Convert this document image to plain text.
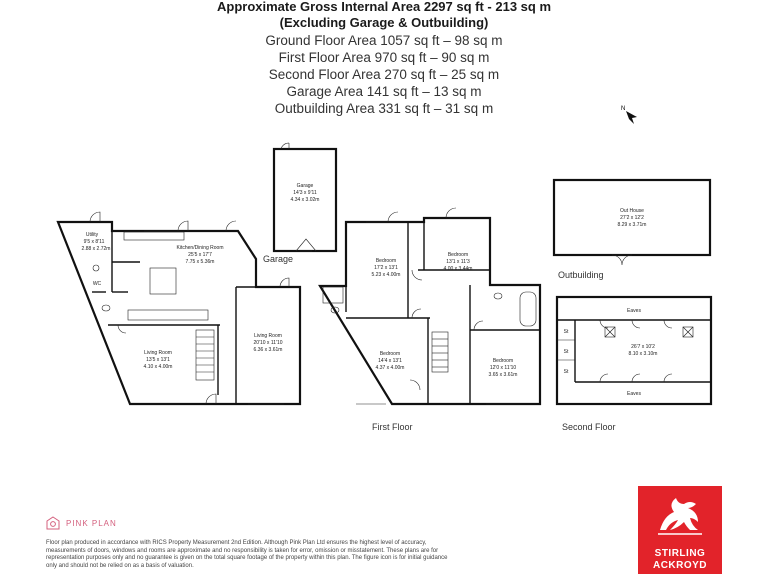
Approximate Gross Internal Area 2297 sq ft - 213 sq m
(Excluding Garage & Outbuilding)
Ground Floor Area 1057 sq ft – 98 sq m
First Floor Area 970 sq ft – 90 sq m
Second Floor Area 270 sq ft – 25 sq m
Garage Area 141 sq ft – 13 sq m
Outbuilding Area 331 sq ft – 31 sq m	N
Garage
14'3 x 9'11
4.34 x 3.02m
Garage
WC
Utility
9'5 x 8'11
2.88 x 2.72m	Kitchen/Dining Room
25'5 x 17'7
7.75 x 5.36m
Living Room
13'5 x 13'1
4.10 x 4.00m
Living Room
20'10 x 11'10
6.36 x 3.61m
Bedroom
17'2 x 13'1
5.23 x 4.00m
Bedroom
13'1 x 11'3
4.00 x 3.44m
Bedroom
14'4 x 13'1
4.37 x 4.00m
Bedroom
12'0 x 11'10
3.65 x 3.61m
First Floor
Out House
27'2 x 12'2
8.29 x 3.71m
Outbuilding
Eaves
Eaves
26'7 x 10'2
8.10 x 3.10m
St
St
St
Second Floor
PINK PLAN
Floor plan produced in accordance with RICS Property Measurement 2nd Edition. Although Pink Plan Ltd ensures the highest level of accuracy, measurements of doors, windows and rooms are approximate and no responsibility is taken for error, omission or misstatement. These plans are for representation purposes only and no guarantee is given on the total square footage of the property within this plan. The figure icon is for initial guidance only and should not be relied on as a basis of valuation.
STIRLING
ACKROYD
